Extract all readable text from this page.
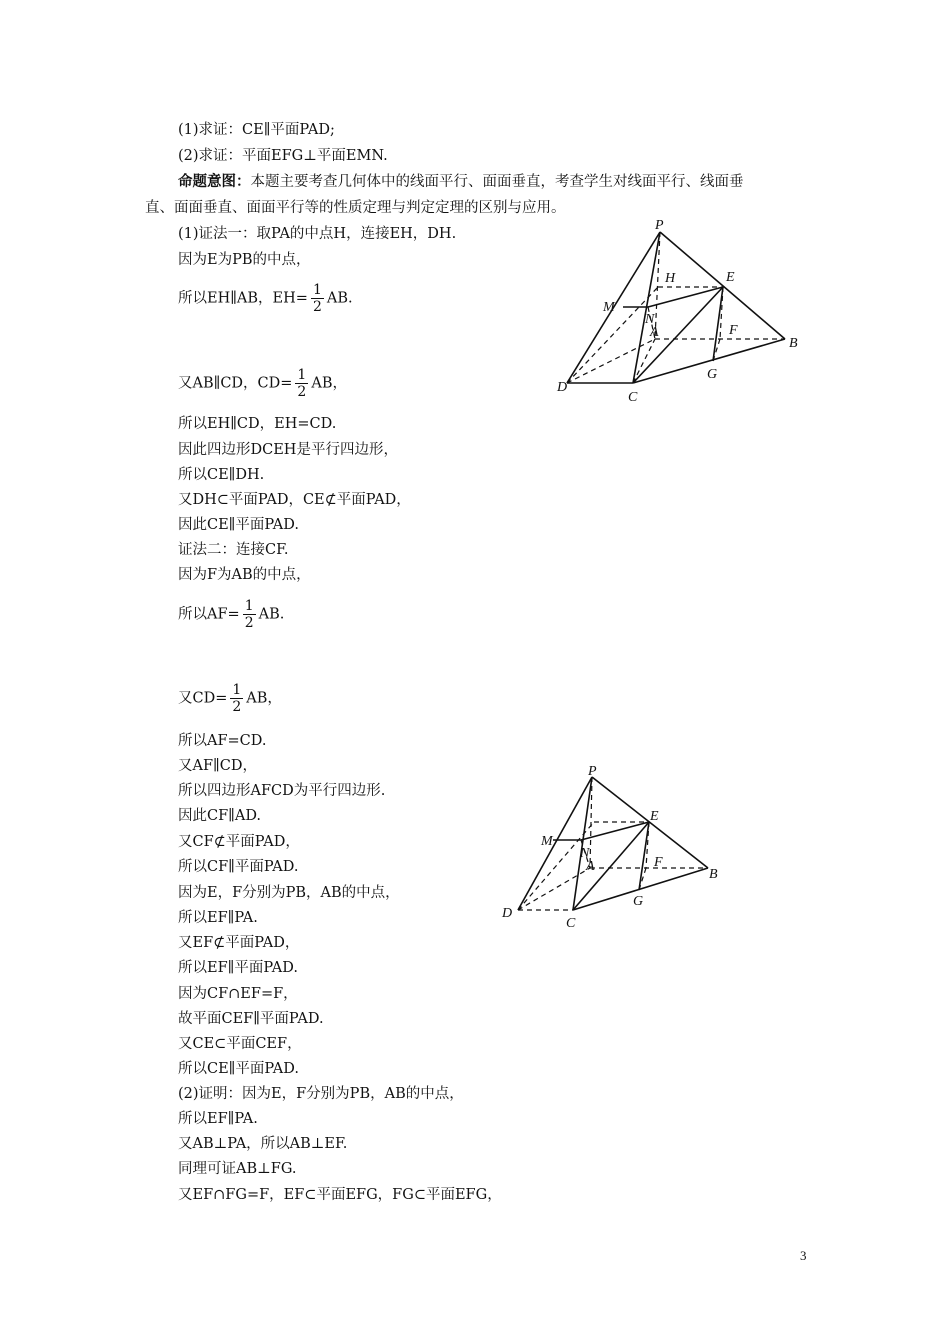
(1)求证：CE∥平面PAD;
(2)求证：平面EFG⊥平面EMN.
命题意图：本题主要考查几何体中的线面平行、面面垂直，考查学生对线面平行、线面垂
直、面面垂直、面面平行等的性质定理与判定定理的区别与应用。
(1)证法一：取PA的中点H，连接EH，DH.
因为E为PB的中点，
所以EH∥AB，$EH= \frac{1}{2}$ AB.
又AB∥CD，$CD= \frac{1}{2}$ AB，
所以EH∥CD，EH=CD.
因此四边形DCEH是平行四边形，
所以CE∥DH.
又DH⊂平面PAD，CE⊄平面PAD，
因此CE∥平面PAD.
证法二：连接CF.
因为F为AB的中点，
所以$AF= \frac{1}{2}$ AB.
又$CD= \frac{1}{2}$ AB，
所以AF=CD.
又AF∥CD，
所以四边形AFCD为平行四边形.
因此CF∥AD.
又CF⊄平面PAD，
所以CF∥平面PAD.
因为E，F分别为PB，AB的中点，
所以EF∥PA.
又EF⊄平面PAD，
所以EF∥平面PAD.
因为CF∩EF=F，
故平面CEF∥平面PAD.
又CE⊂平面CEF，
所以CE∥平面PAD.
(2)证明：因为E，F分别为PB，AB的中点，
所以EF∥PA.
又AB⊥PA，所以AB⊥EF.
同理可证AB⊥FG.
又EF∩FG=F，EF⊂平面EFG，FG⊂平面EFG，
P
H	E
M
N
A	F
B
D
C
G
P
E
M
N
A	F
B
D
C
G
3
